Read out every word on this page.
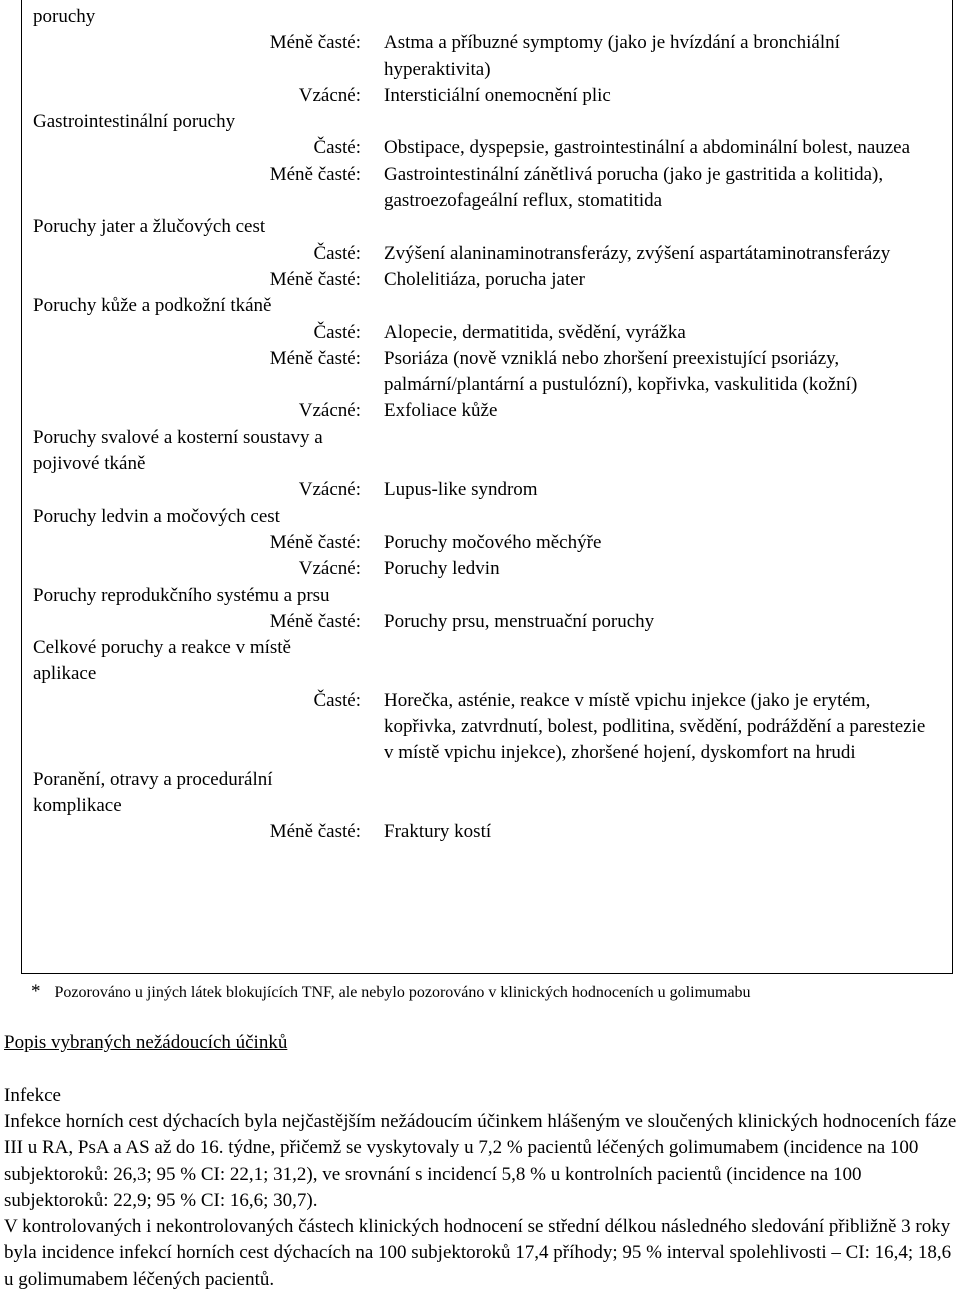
poruchy
Méně časté:	Astma a příbuzné symptomy (jako je hvízdání a bronchiální hyperaktivita)
Vzácné:	Intersticiální onemocnění plic
Gastrointestinální poruchy
Časté:	Obstipace, dyspepsie, gastrointestinální a abdominální bolest, nauzea
Méně časté:	Gastrointestinální zánětlivá porucha (jako je gastritida a kolitida), gastroezofageální reflux, stomatitida
Poruchy jater a žlučových cest
Časté:	Zvýšení alaninaminotransferázy, zvýšení aspartátaminotransferázy
Méně časté:	Cholelitiáza, porucha jater
Poruchy kůže a podkožní tkáně
Časté:	Alopecie, dermatitida, svědění, vyrážka
Méně časté:	Psoriáza (nově vzniklá nebo zhoršení preexistující psoriázy, palmární/plantární a pustulózní), kopřivka, vaskulitida (kožní)
Vzácné:	Exfoliace kůže
Poruchy svalové a kosterní soustavy a pojivové tkáně
Vzácné:	Lupus-like syndrom
Poruchy ledvin a močových cest
Méně časté:	Poruchy močového měchýře
Vzácné:	Poruchy ledvin
Poruchy reprodukčního systému a prsu
Méně časté:	Poruchy prsu, menstruační poruchy
Celkové poruchy a reakce v místě aplikace
Časté:	Horečka, asténie, reakce v místě vpichu injekce (jako je erytém, kopřivka, zatvrdnutí, bolest, podlitina, svědění, podráždění a parestezie v místě vpichu injekce), zhoršené hojení, dyskomfort na hrudi
Poranění, otravy a procedurální komplikace
Méně časté:	Fraktury kostí
* Pozorováno u jiných látek blokujících TNF, ale nebylo pozorováno v klinických hodnoceních u golimumabu
Popis vybraných nežádoucích účinků
Infekce

Infekce horních cest dýchacích byla nejčastějším nežádoucím účinkem hlášeným ve sloučených klinických hodnoceních fáze III u RA, PsA a AS až do 16. týdne, přičemž se vyskytovaly u 7,2 % pacientů léčených golimumabem (incidence na 100 subjektoroků: 26,3; 95 % CI: 22,1; 31,2), ve srovnání s incidencí 5,8 % u kontrolních pacientů (incidence na 100 subjektoroků: 22,9; 95 % CI: 16,6; 30,7).

V kontrolovaných i nekontrolovaných částech klinických hodnocení se střední délkou následného sledování přibližně 3 roky byla incidence infekcí horních cest dýchacích na 100 subjektoroků 17,4 příhody; 95 % interval spolehlivosti – CI: 16,4; 18,6 u golimumabem léčených pacientů.
